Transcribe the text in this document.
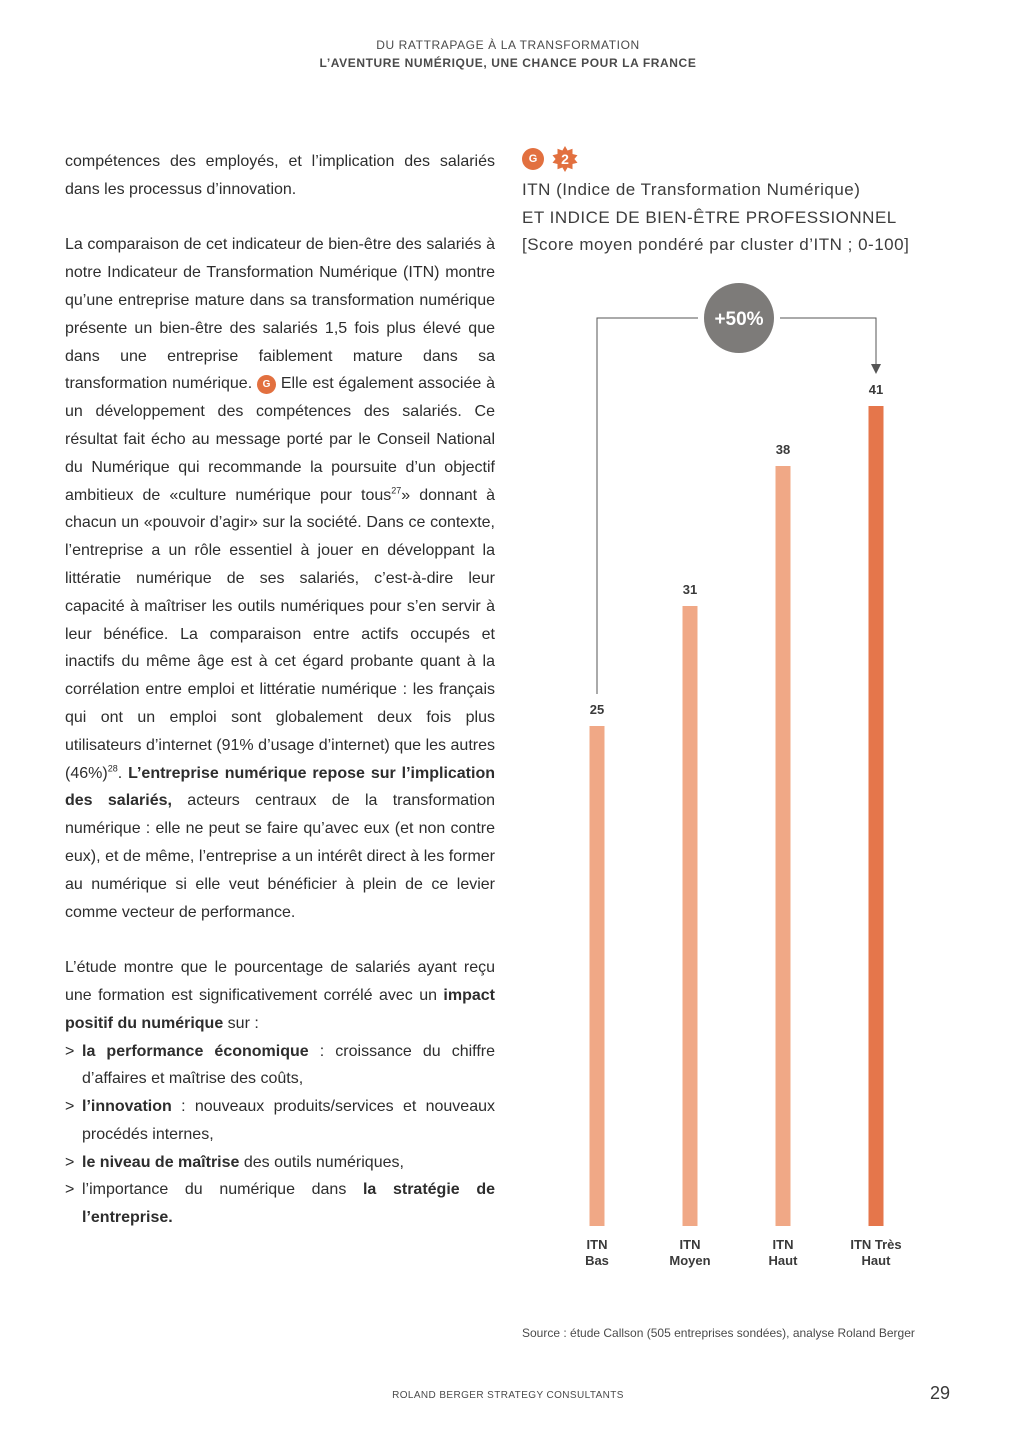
DU RATTRAPAGE À LA TRANSFORMATION
L’AVENTURE NUMÉRIQUE, UNE CHANCE POUR LA FRANCE

compétences des employés, et l’implication des salariés dans les processus d’innovation.

La comparaison de cet indicateur de bien-être des salariés à notre Indicateur de Transformation Numérique (ITN) montre qu’une entreprise mature dans sa transformation numérique présente un bien-être des salariés 1,5 fois plus élevé que dans une entreprise faiblement mature dans sa transformation numérique. G Elle est également associée à un développement des compétences des salariés. Ce résultat fait écho au message porté par le Conseil National du Numérique qui recommande la poursuite d’un objectif ambitieux de «culture numérique pour tous$^{27}$» donnant à chacun un «pouvoir d’agir» sur la société. Dans ce contexte, l’entreprise a un rôle essentiel à jouer en développant la littératie numérique de ses salariés, c’est-à-dire leur capacité à maîtriser les outils numériques pour s’en servir à leur bénéfice. La comparaison entre actifs occupés et inactifs du même âge est à cet égard probante quant à la corrélation entre emploi et littératie numérique : les français qui ont un emploi sont globalement deux fois plus utilisateurs d’internet (91% d’usage d’internet) que les autres $(46\%)^{28}$. L’entreprise numérique repose sur l’implication des salariés, acteurs centraux de la transformation numérique : elle ne peut se faire qu’avec eux (et non contre eux), et de même, l’entreprise a un intérêt direct à les former au numérique si elle veut bénéficier à plein de ce levier comme vecteur de performance.

L’étude montre que le pourcentage de salariés ayant reçu une formation est significativement corrélé avec un impact positif du numérique sur :

> la performance économique : croissance du chiffre d’affaires et maîtrise des coûts,
> l’innovation : nouveaux produits/services et nouveaux procédés internes,
> le niveau de maîtrise des outils numériques,
> l’importance du numérique dans la stratégie de l’entreprise.
G	2
ITN (Indice de Transformation Numérique)
ET INDICE DE BIEN-ÊTRE PROFESSIONNEL
[Score moyen pondéré par cluster d’ITN ; 0-100]
25
ITN
Bas
31
ITN
Moyen
38
ITN
Haut
41
ITN Très
Haut
+50%
Source : étude Callson (505 entreprises sondées), analyse Roland Berger
ROLAND BERGER STRATEGY CONSULTANTS	29
